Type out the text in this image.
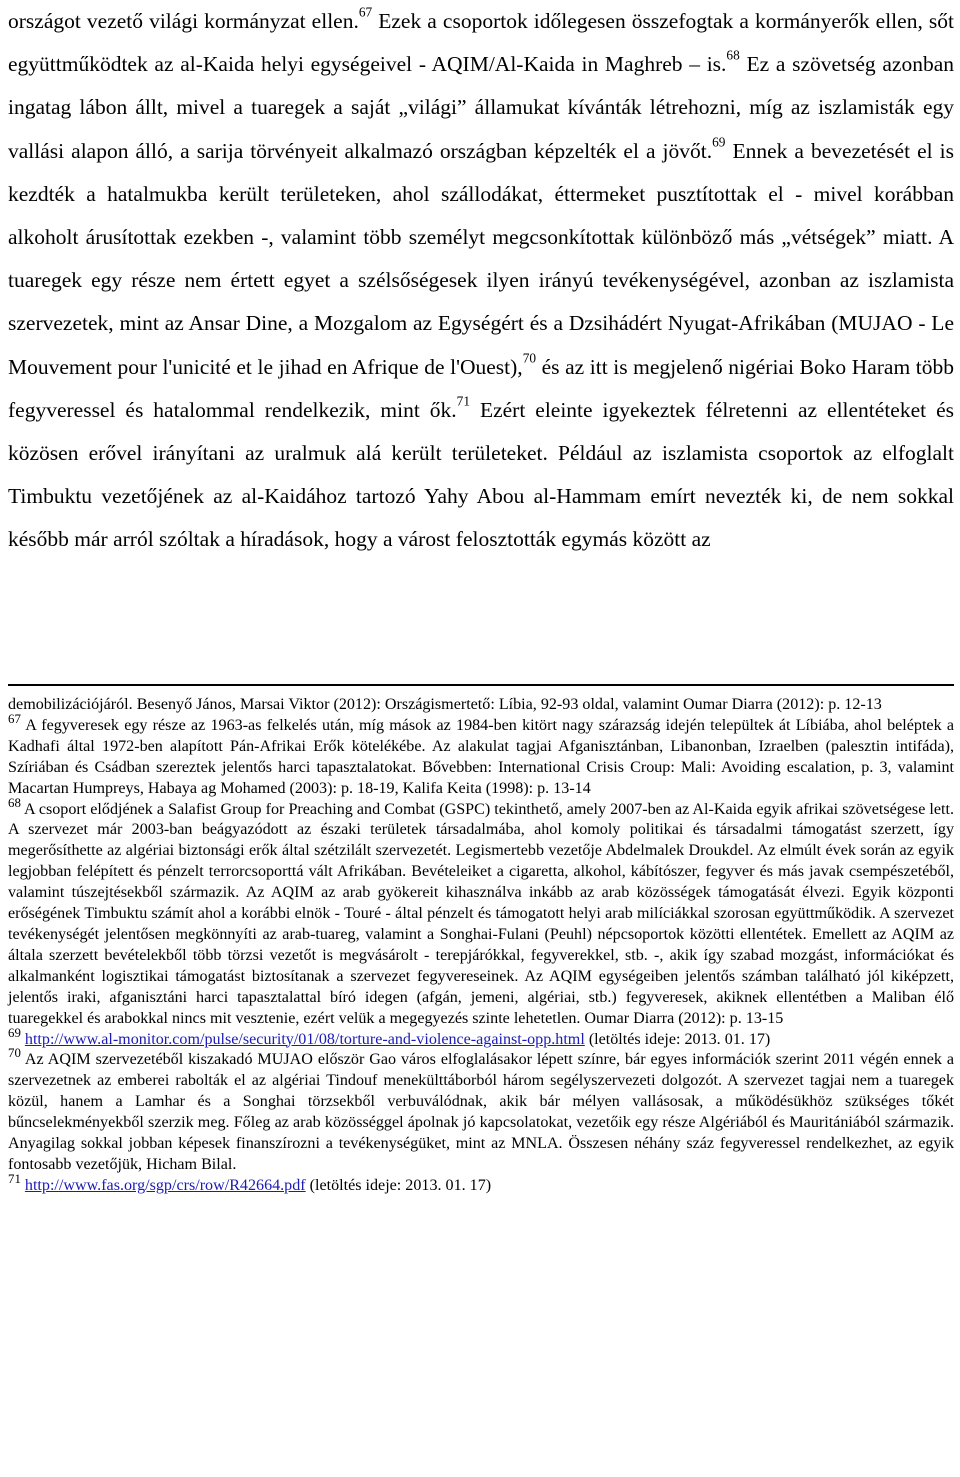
országot vezető világi kormányzat ellen.$^{67}$ Ezek a csoportok időlegesen összefogtak a kormányerők ellen, sőt együttműködtek az al-Kaida helyi egységeivel - AQIM/Al-Kaida in Maghreb – is.$^{68}$ Ez a szövetség azonban ingatag lábon állt, mivel a tuaregek a saját „világi” államukat kívánták létrehozni, míg az iszlamisták egy vallási alapon álló, a sarija törvényeit alkalmazó országban képzelték el a jövőt.$^{69}$ Ennek a bevezetését el is kezdték a hatalmukba került területeken, ahol szállodákat, éttermeket pusztítottak el - mivel korábban alkoholt árusítottak ezekben -, valamint több személyt megcsonkítottak különböző más „vétségek” miatt. A tuaregek egy része nem értett egyet a szélsőségesek ilyen irányú tevékenységével, azonban az iszlamista szervezetek, mint az Ansar Dine, a Mozgalom az Egységért és a Dzsihádért Nyugat-Afrikában (MUJAO - Le Mouvement pour l'unicité et le jihad en Afrique de l'Ouest),$^{70}$ és az itt is megjelenő nigériai Boko Haram több fegyveressel és hatalommal rendelkezik, mint ők.$^{71}$ Ezért eleinte igyekeztek félretenni az ellentéteket és közösen erővel irányítani az uralmuk alá került területeket. Például az iszlamista csoportok az elfoglalt Timbuktu vezetőjének az al-Kaidához tartozó Yahy Abou al-Hammam emírt nevezték ki, de nem sokkal később már arról szóltak a híradások, hogy a várost felosztották egymás között az

demobilizációjáról. Besenyő János, Marsai Viktor (2012): Országismertető: Líbia, 92-93 oldal, valamint Oumar Diarra (2012): p. 12-13

$^{67}$ A fegyveresek egy része az 1963-as felkelés után, míg mások az 1984-ben kitört nagy szárazság idején települtek át Líbiába, ahol beléptek a Kadhafi által 1972-ben alapított Pán-Afrikai Erők kötelékébe. Az alakulat tagjai Afganisztánban, Libanonban, Izraelben (palesztin intifáda), Szíriában és Csádban szereztek jelentős harci tapasztalatokat. Bővebben: International Crisis Croup: Mali: Avoiding escalation, p. 3, valamint Macartan Humpreys, Habaya ag Mohamed (2003): p. 18-19, Kalifa Keita (1998): p. 13-14

$^{68}$ A csoport elődjének a Salafist Group for Preaching and Combat (GSPC) tekinthető, amely 2007-ben az Al-Kaida egyik afrikai szövetségese lett. A szervezet már 2003-ban beágyazódott az északi területek társadalmába, ahol komoly politikai és társadalmi támogatást szerzett, így megerősíthette az algériai biztonsági erők által szétzilált szervezetét. Legismertebb vezetője Abdelmalek Droukdel. Az elmúlt évek során az egyik legjobban felépített és pénzelt terrorcsoporttá vált Afrikában. Bevételeiket a cigaretta, alkohol, kábítószer, fegyver és más javak csempészetéből, valamint túszejtésekből származik. Az AQIM az arab gyökereit kihasználva inkább az arab közösségek támogatását élvezi. Egyik központi erőségének Timbuktu számít ahol a korábbi elnök - Touré - által pénzelt és támogatott helyi arab milíciákkal szorosan együttműködik. A szervezet tevékenységét jelentősen megkönnyíti az arab-tuareg, valamint a Songhai-Fulani (Peuhl) népcsoportok közötti ellentétek. Emellett az AQIM az általa szerzett bevételekből több törzsi vezetőt is megvásárolt - terepjárókkal, fegyverekkel, stb. -, akik így szabad mozgást, információkat és alkalmanként logisztikai támogatást biztosítanak a szervezet fegyvereseinek. Az AQIM egységeiben jelentős számban található jól kiképzett, jelentős iraki, afganisztáni harci tapasztalattal bíró idegen (afgán, jemeni, algériai, stb.) fegyveresek, akiknek ellentétben a Maliban élő tuaregekkel és arabokkal nincs mit vesztenie, ezért velük a megegyezés szinte lehetetlen. Oumar Diarra (2012): p. 13-15

$^{69}$ http://www.al-monitor.com/pulse/security/01/08/torture-and-violence-against-opp.html (letöltés ideje: 2013. 01. 17)

$^{70}$ Az AQIM szervezetéből kiszakadó MUJAO először Gao város elfoglalásakor lépett színre, bár egyes információk szerint 2011 végén ennek a szervezetnek az emberei rabolták el az algériai Tindouf menekülttáborból három segélyszervezeti dolgozót. A szervezet tagjai nem a tuaregek közül, hanem a Lamhar és a Songhai törzsekből verbuválódnak, akik bár mélyen vallásosak, a működésükhöz szükséges tőkét bűncselekményekből szerzik meg. Főleg az arab közösséggel ápolnak jó kapcsolatokat, vezetőik egy része Algériából és Mauritániából származik. Anyagilag sokkal jobban képesek finanszírozni a tevékenységüket, mint az MNLA. Összesen néhány száz fegyveressel rendelkezhet, az egyik fontosabb vezetőjük, Hicham Bilal.

$^{71}$ http://www.fas.org/sgp/crs/row/R42664.pdf (letöltés ideje: 2013. 01. 17)
